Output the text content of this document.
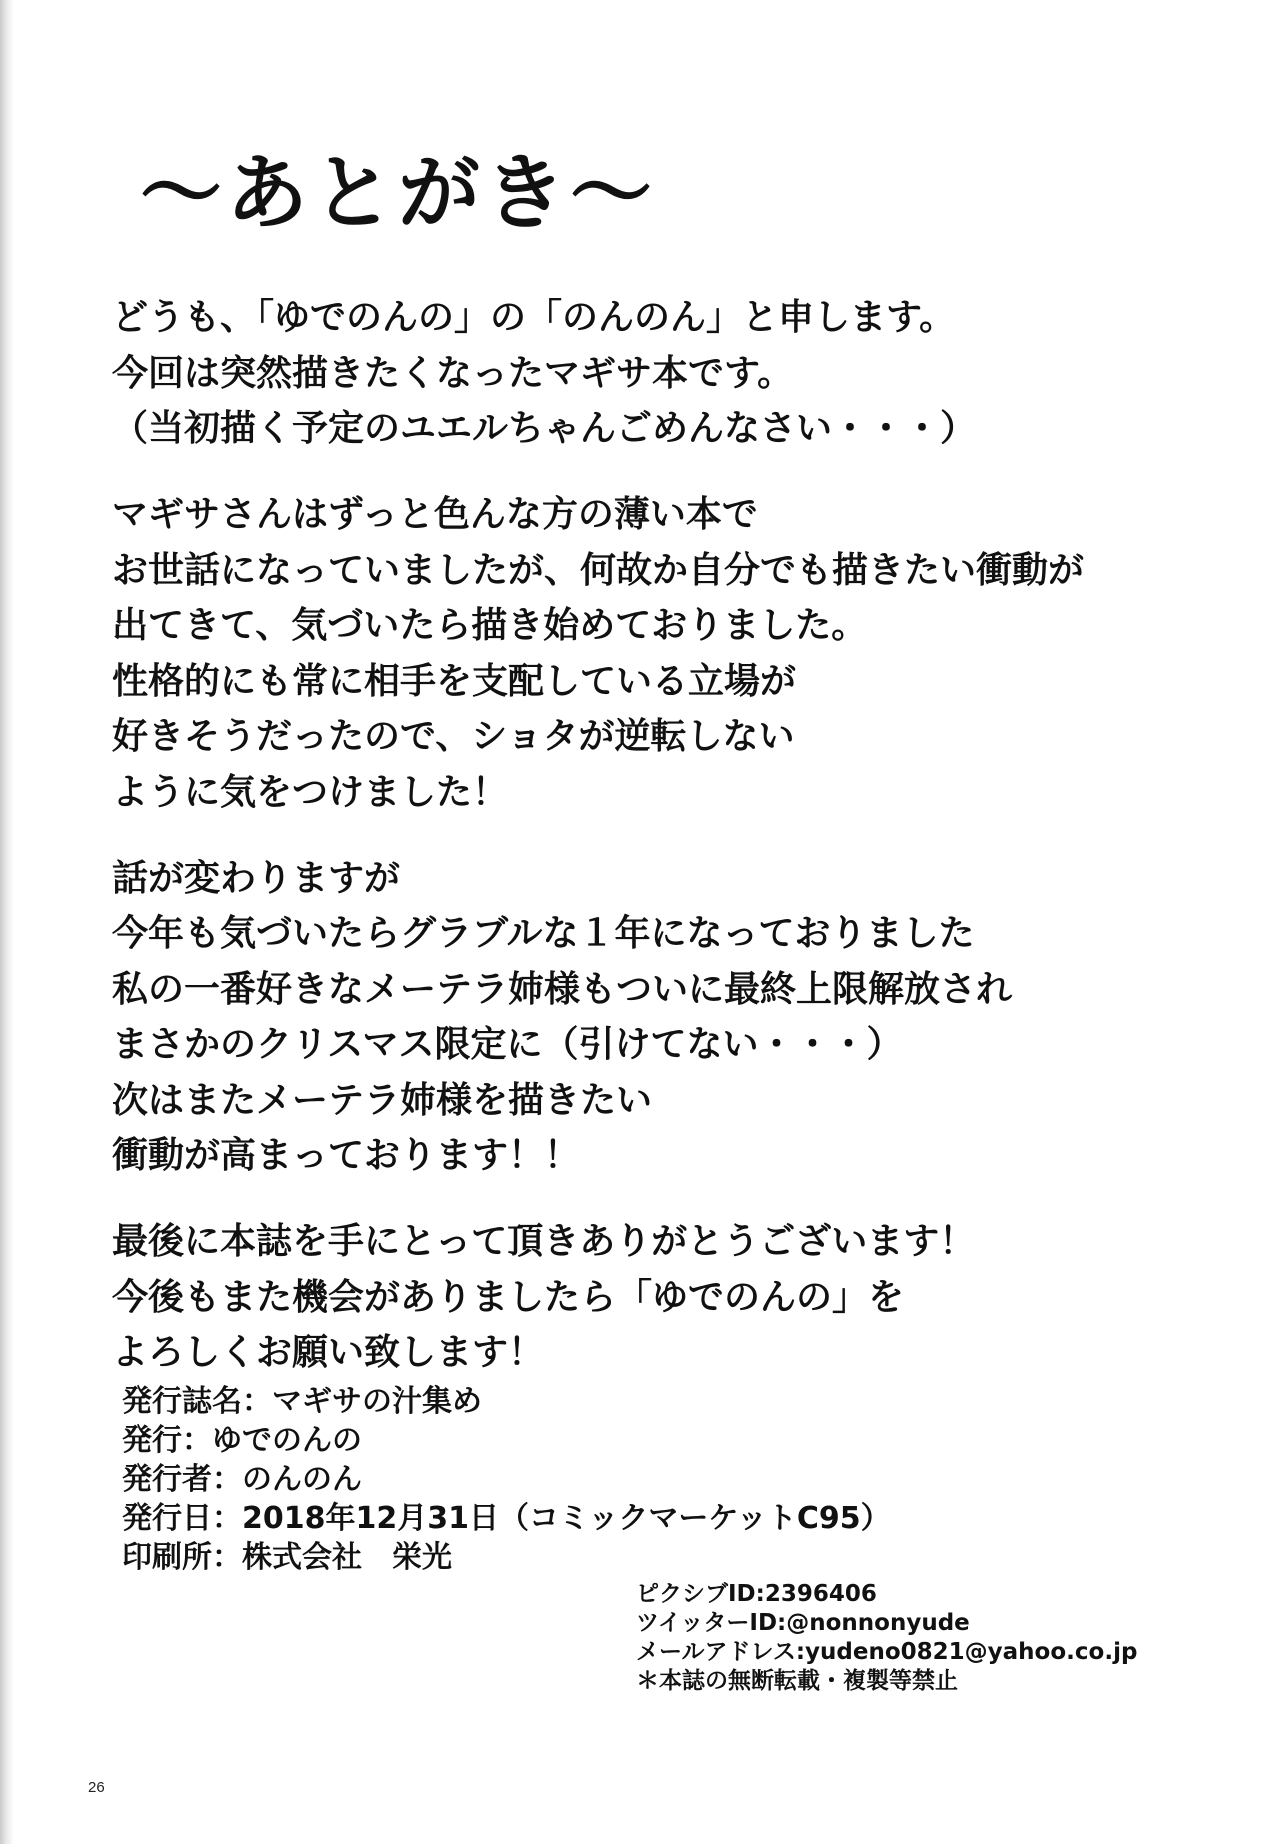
～あとがき～
どうも、「ゆでのんの」の「のんのん」と申します。
今回は突然描きたくなったマギサ本です。
（当初描く予定のユエルちゃんごめんなさい・・・）
マギサさんはずっと色んな方の薄い本で
お世話になっていましたが、何故か自分でも描きたい衝動が
出てきて、気づいたら描き始めておりました。
性格的にも常に相手を支配している立場が
好きそうだったので、ショタが逆転しない
ように気をつけました！
話が変わりますが
今年も気づいたらグラブルな１年になっておりました
私の一番好きなメーテラ姉様もついに最終上限解放され
まさかのクリスマス限定に（引けてない・・・）
次はまたメーテラ姉様を描きたい
衝動が高まっております！！
最後に本誌を手にとって頂きありがとうございます！
今後もまた機会がありましたら「ゆでのんの」を
よろしくお願い致します！
発行誌名：マギサの汁集め
発行：ゆでのんの
発行者：のんのん
発行日：2018年12月31日（コミックマーケットC95）
印刷所：株式会社　栄光
ピクシブID:2396406
ツイッターID:@nonnonyude
メールアドレス:yudeno0821@yahoo.co.jp
＊本誌の無断転載・複製等禁止
26
